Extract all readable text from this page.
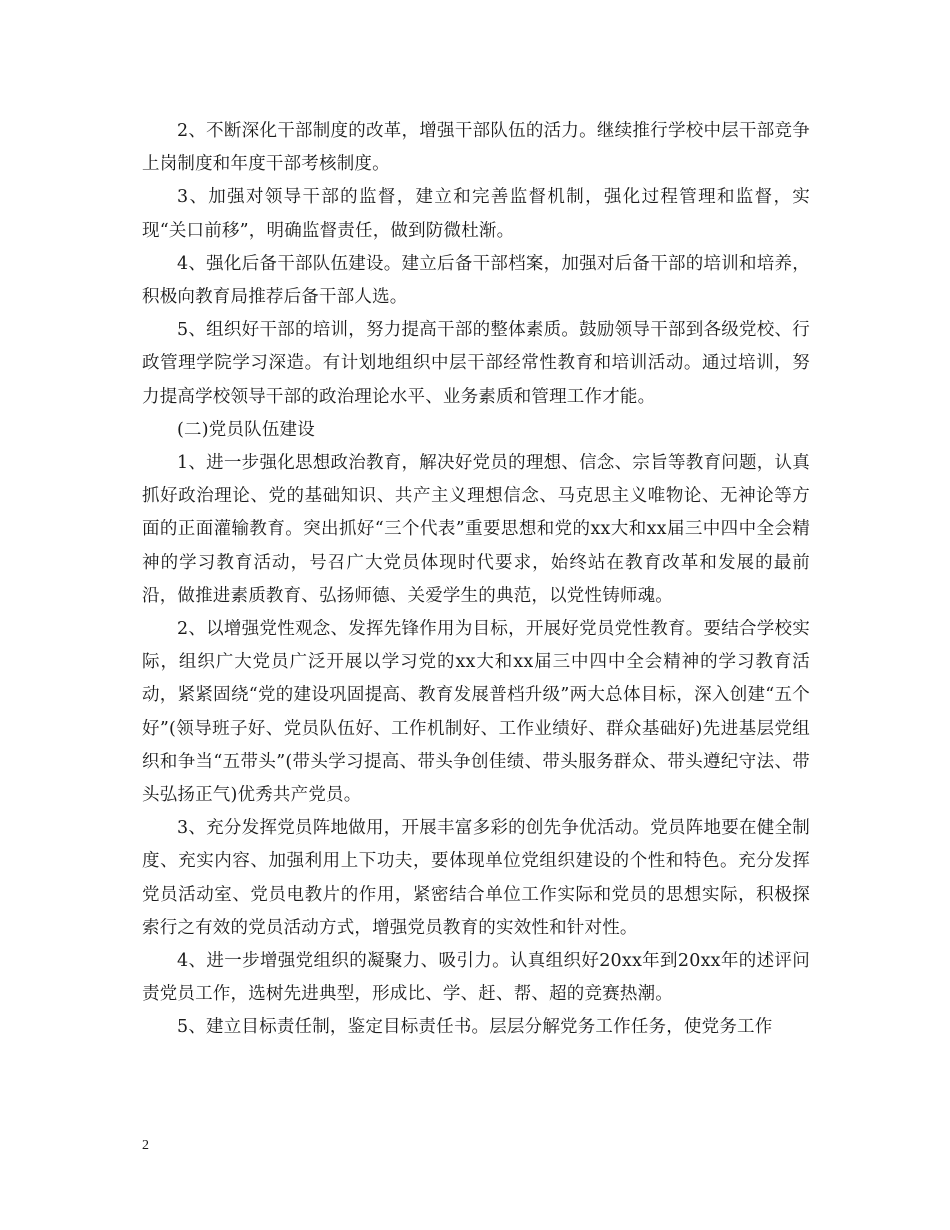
2、不断深化干部制度的改革，增强干部队伍的活力。继续推行学校中层干部竞争上岗制度和年度干部考核制度。

3、加强对领导干部的监督，建立和完善监督机制，强化过程管理和监督，实现“关口前移”，明确监督责任，做到防微杜渐。

4、强化后备干部队伍建设。建立后备干部档案，加强对后备干部的培训和培养，积极向教育局推荐后备干部人选。

5、组织好干部的培训，努力提高干部的整体素质。鼓励领导干部到各级党校、行政管理学院学习深造。有计划地组织中层干部经常性教育和培训活动。通过培训，努力提高学校领导干部的政治理论水平、业务素质和管理工作才能。

(二)党员队伍建设

1、进一步强化思想政治教育，解决好党员的理想、信念、宗旨等教育问题，认真抓好政治理论、党的基础知识、共产主义理想信念、马克思主义唯物论、无神论等方面的正面灌输教育。突出抓好“三个代表”重要思想和党的xx大和xx届三中四中全会精神的学习教育活动，号召广大党员体现时代要求，始终站在教育改革和发展的最前沿，做推进素质教育、弘扬师德、关爱学生的典范，以党性铸师魂。

2、以增强党性观念、发挥先锋作用为目标，开展好党员党性教育。要结合学校实际，组织广大党员广泛开展以学习党的xx大和xx届三中四中全会精神的学习教育活动，紧紧固绕“党的建设巩固提高、教育发展普档升级”两大总体目标，深入创建“五个好”(领导班子好、党员队伍好、工作机制好、工作业绩好、群众基础好)先进基层党组织和争当“五带头”(带头学习提高、带头争创佳绩、带头服务群众、带头遵纪守法、带头弘扬正气)优秀共产党员。

3、充分发挥党员阵地做用，开展丰富多彩的创先争优活动。党员阵地要在健全制度、充实内容、加强利用上下功夫，要体现单位党组织建设的个性和特色。充分发挥党员活动室、党员电教片的作用，紧密结合单位工作实际和党员的思想实际，积极探索行之有效的党员活动方式，增强党员教育的实效性和针对性。

4、进一步增强党组织的凝聚力、吸引力。认真组织好20xx年到20xx年的述评问责党员工作，选树先进典型，形成比、学、赶、帮、超的竞赛热潮。

5、建立目标责任制，鉴定目标责任书。层层分解党务工作任务，使党务工作

2
